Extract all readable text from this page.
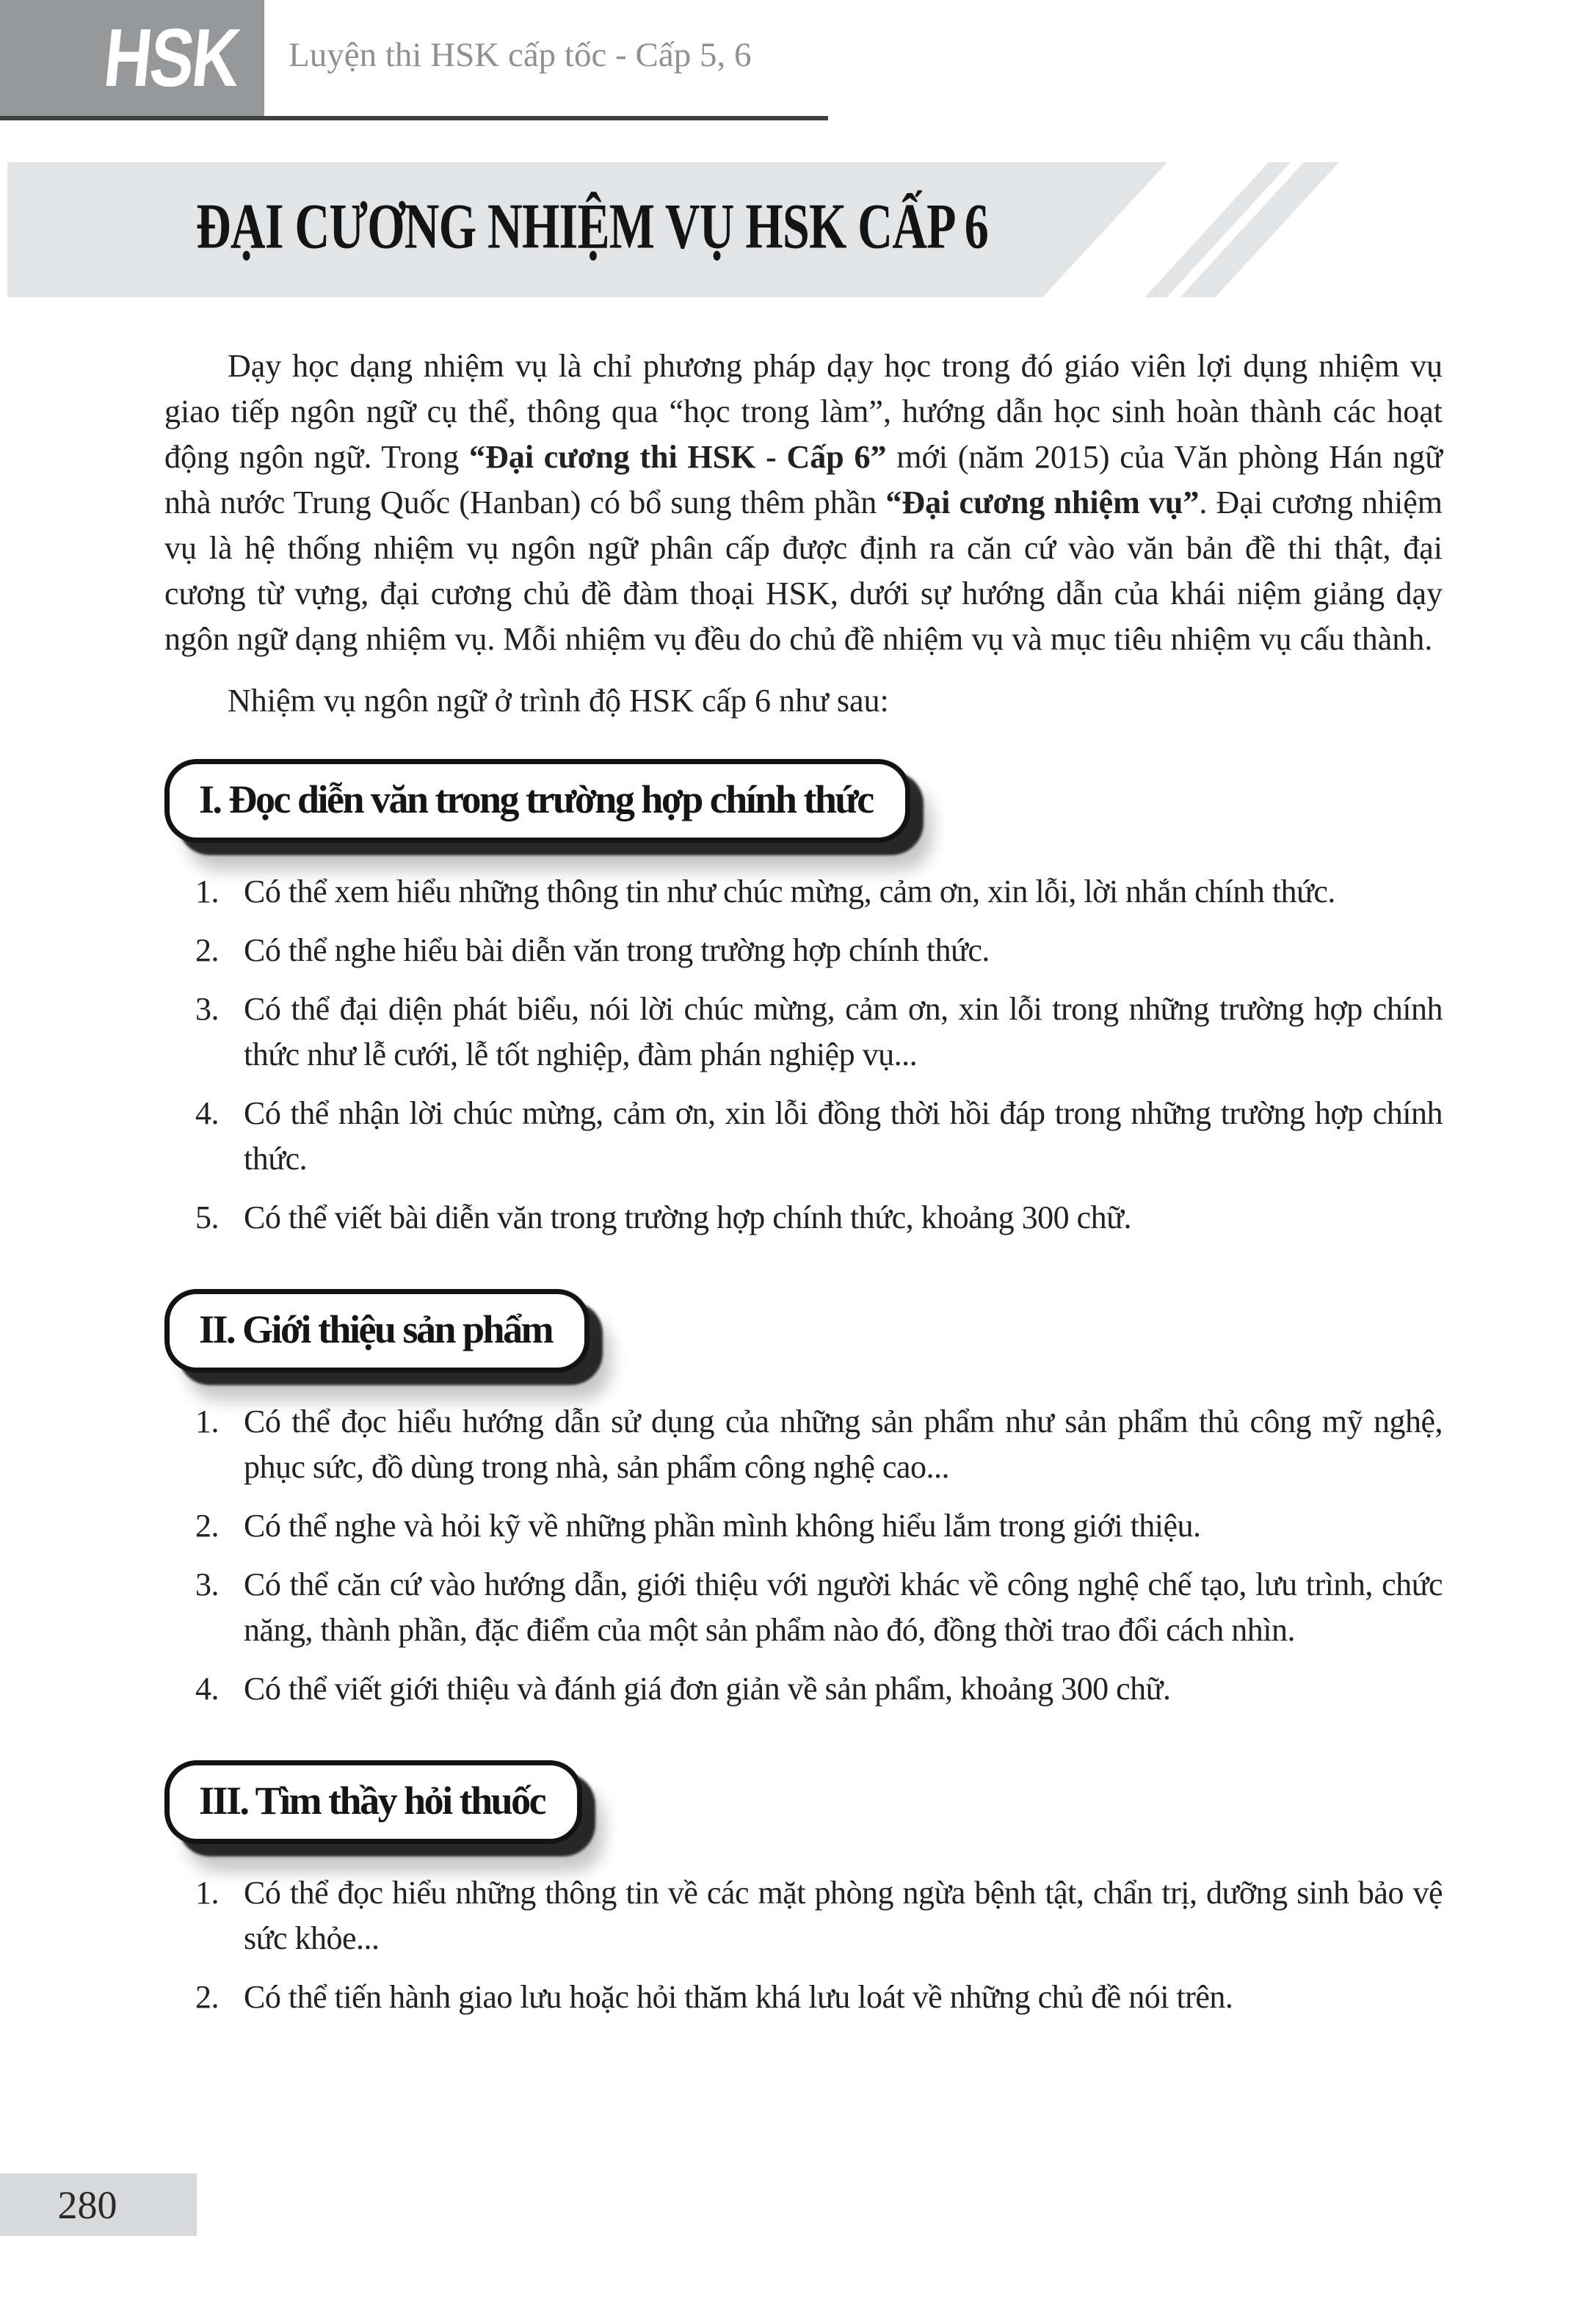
HSK Luyện thi HSK cấp tốc - Cấp 5, 6
ĐẠI CƯƠNG NHIỆM VỤ HSK CẤP 6

Dạy học dạng nhiệm vụ là chỉ phương pháp dạy học trong đó giáo viên lợi dụng nhiệm vụ giao tiếp ngôn ngữ cụ thể, thông qua “học trong làm”, hướng dẫn học sinh hoàn thành các hoạt động ngôn ngữ. Trong “Đại cương thi HSK - Cấp 6” mới (năm 2015) của Văn phòng Hán ngữ nhà nước Trung Quốc (Hanban) có bổ sung thêm phần “Đại cương nhiệm vụ”. Đại cương nhiệm vụ là hệ thống nhiệm vụ ngôn ngữ phân cấp được định ra căn cứ vào văn bản đề thi thật, đại cương từ vựng, đại cương chủ đề đàm thoại HSK, dưới sự hướng dẫn của khái niệm giảng dạy ngôn ngữ dạng nhiệm vụ. Mỗi nhiệm vụ đều do chủ đề nhiệm vụ và mục tiêu nhiệm vụ cấu thành.

Nhiệm vụ ngôn ngữ ở trình độ HSK cấp 6 như sau:

I. Đọc diễn văn trong trường hợp chính thức
1. Có thể xem hiểu những thông tin như chúc mừng, cảm ơn, xin lỗi, lời nhắn chính thức.
2. Có thể nghe hiểu bài diễn văn trong trường hợp chính thức.
3. Có thể đại diện phát biểu, nói lời chúc mừng, cảm ơn, xin lỗi trong những trường hợp chính thức như lễ cưới, lễ tốt nghiệp, đàm phán nghiệp vụ...
4. Có thể nhận lời chúc mừng, cảm ơn, xin lỗi đồng thời hồi đáp trong những trường hợp chính thức.
5. Có thể viết bài diễn văn trong trường hợp chính thức, khoảng 300 chữ.
II. Giới thiệu sản phẩm
1. Có thể đọc hiểu hướng dẫn sử dụng của những sản phẩm như sản phẩm thủ công mỹ nghệ, phục sức, đồ dùng trong nhà, sản phẩm công nghệ cao...
2. Có thể nghe và hỏi kỹ về những phần mình không hiểu lắm trong giới thiệu.
3. Có thể căn cứ vào hướng dẫn, giới thiệu với người khác về công nghệ chế tạo, lưu trình, chức năng, thành phần, đặc điểm của một sản phẩm nào đó, đồng thời trao đổi cách nhìn.
4. Có thể viết giới thiệu và đánh giá đơn giản về sản phẩm, khoảng 300 chữ.
III. Tìm thầy hỏi thuốc
1. Có thể đọc hiểu những thông tin về các mặt phòng ngừa bệnh tật, chẩn trị, dưỡng sinh bảo vệ sức khỏe...
2. Có thể tiến hành giao lưu hoặc hỏi thăm khá lưu loát về những chủ đề nói trên.
280
